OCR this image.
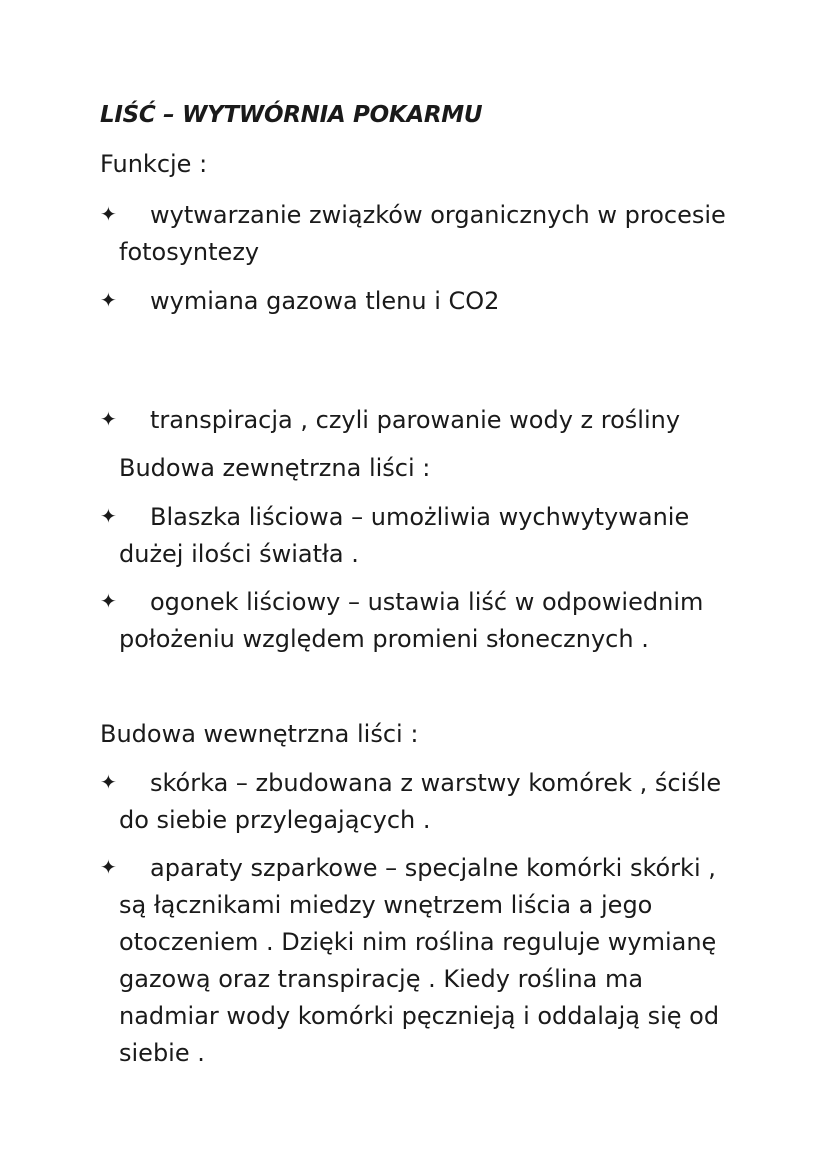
LIŚĆ – WYTWÓRNIA POKARMU
Funkcje :
✦ wytwarzanie związków organicznych w procesie
fotosyntezy
✦ wymiana gazowa tlenu i CO2
✦ transpiracja , czyli parowanie wody z rośliny
Budowa zewnętrzna liści :
✦ Blaszka liściowa – umożliwia wychwytywanie
dużej ilości światła .
✦ ogonek liściowy – ustawia liść w odpowiednim
położeniu względem promieni słonecznych .
Budowa wewnętrzna liści :
✦ skórka – zbudowana z warstwy komórek , ściśle
do siebie przylegających .
✦ aparaty szparkowe – specjalne komórki skórki ,
są łącznikami miedzy wnętrzem liścia a jego otoczeniem . Dzięki nim roślina reguluje wymianę gazową oraz transpirację . Kiedy roślina ma nadmiar wody komórki pęcznieją i oddalają się od siebie .
